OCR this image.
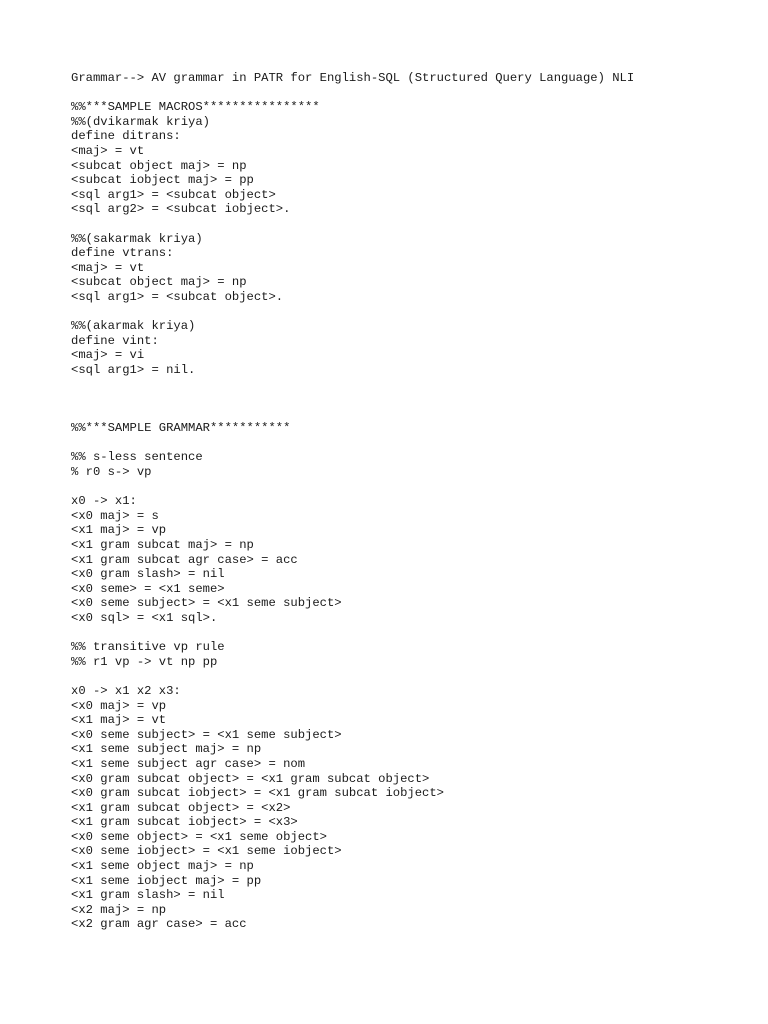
Grammar--> AV grammar in PATR for English-SQL (Structured Query Language) NLI
%%***SAMPLE MACROS****************
%%(dvikarmak kriya)
define ditrans:
<maj> = vt
<subcat object maj> = np
<subcat iobject maj> = pp
<sql arg1> = <subcat object>
<sql arg2> = <subcat iobject>.
%%(sakarmak kriya)
define vtrans:
<maj> = vt
<subcat object maj> = np
<sql arg1> = <subcat object>.
%%(akarmak kriya)
define vint:
<maj> = vi
<sql arg1> = nil.
%%***SAMPLE GRAMMAR***********
%% s-less sentence
% r0 s-> vp
x0 -> x1:
<x0 maj> = s
<x1 maj> = vp
<x1 gram subcat maj> = np
<x1 gram subcat agr case> = acc
<x0 gram slash> = nil
<x0 seme> = <x1 seme>
<x0 seme subject> = <x1 seme subject>
<x0 sql> = <x1 sql>.
%% transitive vp rule
%% r1 vp -> vt np pp
x0 -> x1 x2 x3:
<x0 maj> = vp
<x1 maj> = vt
<x0 seme subject> = <x1 seme subject>
<x1 seme subject maj> = np
<x1 seme subject agr case> = nom
<x0 gram subcat object> = <x1 gram subcat object>
<x0 gram subcat iobject> = <x1 gram subcat iobject>
<x1 gram subcat object> = <x2>
<x1 gram subcat iobject> = <x3>
<x0 seme object> = <x1 seme object>
<x0 seme iobject> = <x1 seme iobject>
<x1 seme object maj> = np
<x1 seme iobject maj> = pp
<x1 gram slash> = nil
<x2 maj> = np
<x2 gram agr case> = acc
